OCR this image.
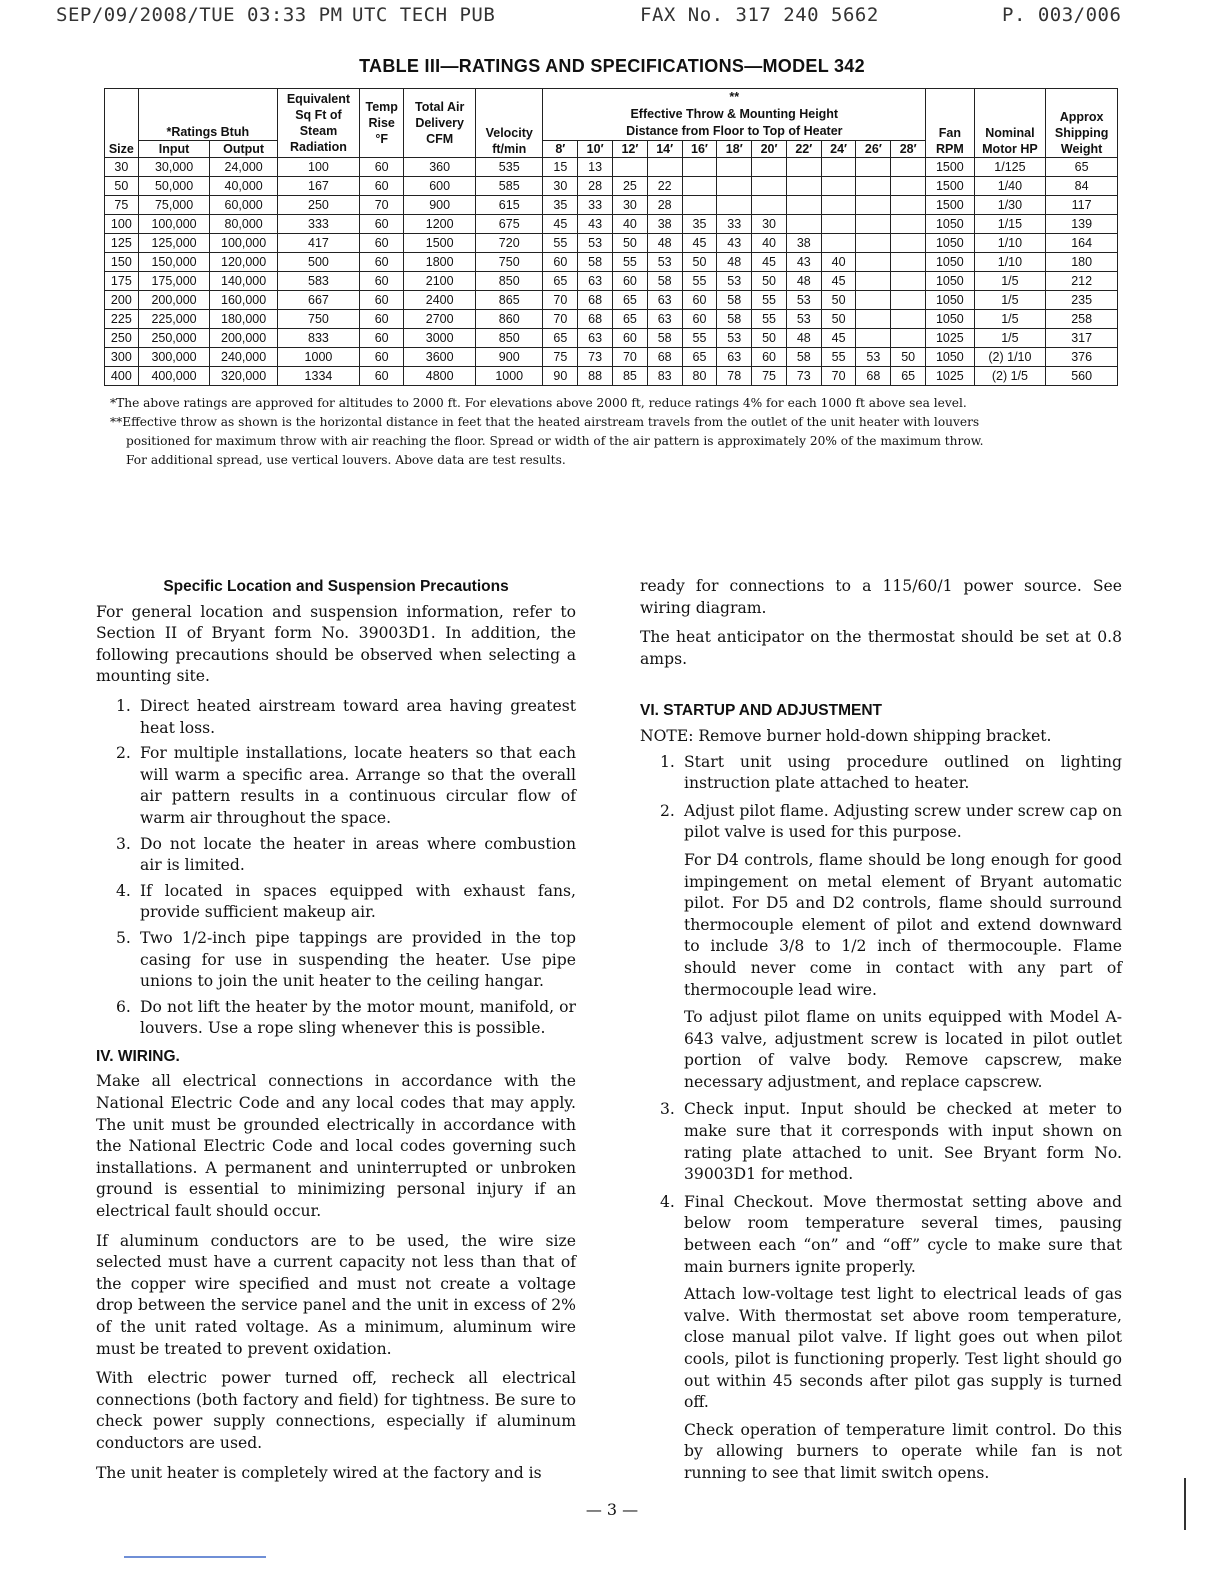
SEP/09/2008/TUE 03:33 PM UTC TECH PUB	FAX No. 317 240 5662	P. 003/006
TABLE III—RATINGS AND SPECIFICATIONS—MODEL 342
Size	*Ratings Btuh		Equivalent Sq Ft of Steam Radiation	Temp Rise °F	Total Air Delivery CFM	Velocity ft/min	**
Effective Throw & Mounting Height
Distance from Floor to Top of Heater											Fan RPM	Nominal Motor HP	Approx Shipping Weight
	Input	Output					8′	10′	12′	14′	16′	18′	20′	22′	24′	26′	28′			
30	30,000	24,000	100	60	360	535	15	13										1500	1/125	65
50	50,000	40,000	167	60	600	585	30	28	25	22								1500	1/40	84
75	75,000	60,000	250	70	900	615	35	33	30	28								1500	1/30	117
100	100,000	80,000	333	60	1200	675	45	43	40	38	35	33	30					1050	1/15	139
125	125,000	100,000	417	60	1500	720	55	53	50	48	45	43	40	38				1050	1/10	164
150	150,000	120,000	500	60	1800	750	60	58	55	53	50	48	45	43	40			1050	1/10	180
175	175,000	140,000	583	60	2100	850	65	63	60	58	55	53	50	48	45			1050	1/5	212
200	200,000	160,000	667	60	2400	865	70	68	65	63	60	58	55	53	50			1050	1/5	235
225	225,000	180,000	750	60	2700	860	70	68	65	63	60	58	55	53	50			1050	1/5	258
250	250,000	200,000	833	60	3000	850	65	63	60	58	55	53	50	48	45			1025	1/5	317
300	300,000	240,000	1000	60	3600	900	75	73	70	68	65	63	60	58	55	53	50	1050	(2) 1/10	376
400	400,000	320,000	1334	60	4800	1000	90	88	85	83	80	78	75	73	70	68	65	1025	(2) 1/5	560

*The above ratings are approved for altitudes to 2000 ft. For elevations above 2000 ft, reduce ratings 4% for each 1000 ft above sea level.

**Effective throw as shown is the horizontal distance in feet that the heated airstream travels from the outlet of the unit heater with louvers

positioned for maximum throw with air reaching the floor. Spread or width of the air pattern is approximately 20% of the maximum throw.

For additional spread, use vertical louvers. Above data are test results.

Specific Location and Suspension Precautions

For general location and suspension information, refer to Section II of Bryant form No. 39003D1. In addition, the following precautions should be observed when selecting a mounting site.

1. Direct heated airstream toward area having greatest heat loss.
2. For multiple installations, locate heaters so that each will warm a specific area. Arrange so that the overall air pattern results in a continuous circular flow of warm air throughout the space.
3. Do not locate the heater in areas where combustion air is limited.
4. If located in spaces equipped with exhaust fans, provide sufficient makeup air.
5. Two 1/2-inch pipe tappings are provided in the top casing for use in suspending the heater. Use pipe unions to join the unit heater to the ceiling hangar.
6. Do not lift the heater by the motor mount, manifold, or louvers. Use a rope sling whenever this is possible.
IV. WIRING.

Make all electrical connections in accordance with the National Electric Code and any local codes that may apply. The unit must be grounded electrically in accordance with the National Electric Code and local codes governing such installations. A permanent and uninterrupted or unbroken ground is essential to minimizing personal injury if an electrical fault should occur.

If aluminum conductors are to be used, the wire size selected must have a current capacity not less than that of the copper wire specified and must not create a voltage drop between the service panel and the unit in excess of 2% of the unit rated voltage. As a minimum, aluminum wire must be treated to prevent oxidation.

With electric power turned off, recheck all electrical connections (both factory and field) for tightness. Be sure to check power supply connections, especially if aluminum conductors are used.

The unit heater is completely wired at the factory and is

ready for connections to a 115/60/1 power source. See wiring diagram.

The heat anticipator on the thermostat should be set at 0.8 amps.

VI. STARTUP AND ADJUSTMENT

NOTE: Remove burner hold-down shipping bracket.

1. Start unit using procedure outlined on lighting instruction plate attached to heater.

2. Adjust pilot flame. Adjusting screw under screw cap on pilot valve is used for this purpose.

For D4 controls, flame should be long enough for good impingement on metal element of Bryant automatic pilot. For D5 and D2 controls, flame should surround thermocouple element of pilot and extend downward to include 3/8 to 1/2 inch of thermocouple. Flame should never come in contact with any part of thermocouple lead wire.

To adjust pilot flame on units equipped with Model A-643 valve, adjustment screw is located in pilot outlet portion of valve body. Remove capscrew, make necessary adjustment, and replace capscrew.

3. Check input. Input should be checked at meter to make sure that it corresponds with input shown on rating plate attached to unit. See Bryant form No. 39003D1 for method.

4. Final Checkout. Move thermostat setting above and below room temperature several times, pausing between each “on” and “off” cycle to make sure that main burners ignite properly.

Attach low-voltage test light to electrical leads of gas valve. With thermostat set above room temperature, close manual pilot valve. If light goes out when pilot cools, pilot is functioning properly. Test light should go out within 45 seconds after pilot gas supply is turned off.

Check operation of temperature limit control. Do this by allowing burners to operate while fan is not running to see that limit switch opens.

— 3 —
